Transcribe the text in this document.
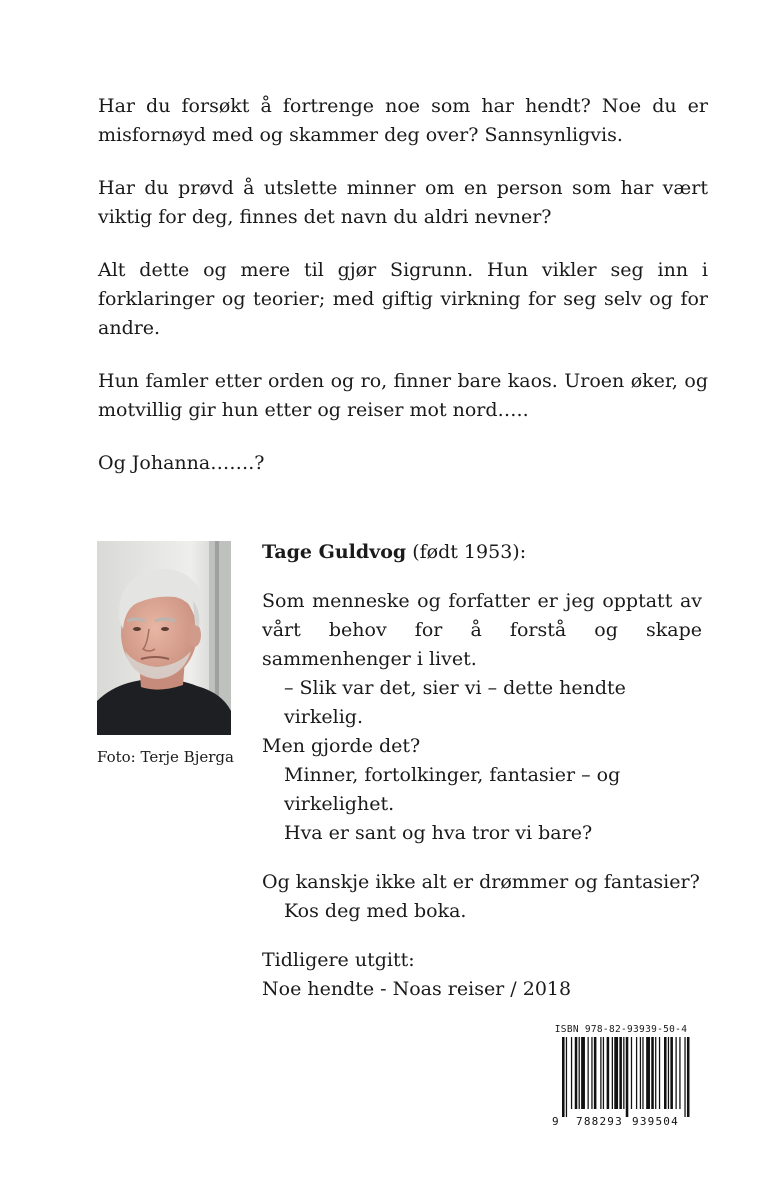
Har du forsøkt å fortrenge noe som har hendt? Noe du er misfornøyd med og skammer deg over? Sannsynligvis.

Har du prøvd å utslette minner om en person som har vært viktig for deg, finnes det navn du aldri nevner?

Alt dette og mere til gjør Sigrunn. Hun vikler seg inn i forklaringer og teorier; med giftig virkning for seg selv og for andre.

Hun famler etter orden og ro, finner bare kaos. Uroen øker, og motvillig gir hun etter og reiser mot nord…..

Og Johanna…….?

Foto: Terje Bjerga

Tage Guldvog (født 1953):

Som menneske og forfatter er jeg opptatt av vårt behov for å forstå og skape sammenhenger i livet.

– Slik var det, sier vi – dette hendte virkelig.

Men gjorde det?

Minner, fortolkinger, fantasier – og virkelighet.

Hva er sant og hva tror vi bare?

Og kanskje ikke alt er drømmer og fantasier?

Kos deg med boka.

Tidligere utgitt:

Noe hendte - Noas reiser / 2018

ISBN 978-82-93939-50-4
9 788293 939504
